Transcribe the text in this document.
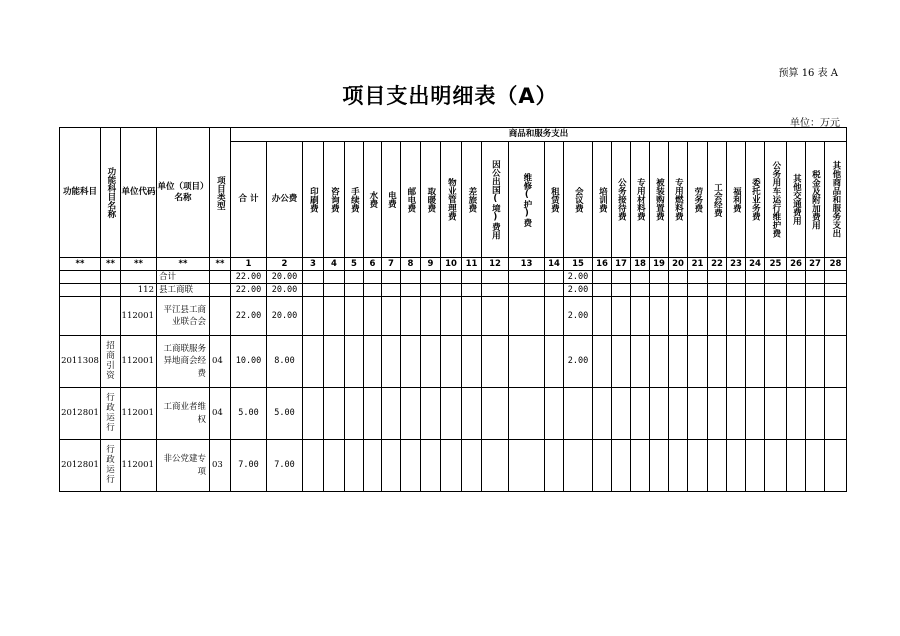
预算 16 表 A
项目支出明细表（A）
单位：万元
功能科目	功能科目名称	单位代码	单位（项目）名称	项目类型	商品和服务支出																											
					合 计	办公费	印刷费	咨询费	手续费	水费	电费	邮电费	取暖费	物业管理费	差旅费	因公出国(境)费用	维修(护)费	租赁费	会议费	培训费	公务接待费	专用材料费	被装购置费	专用燃料费	劳务费	工会经费	福利费	委托业务费	公务用车运行维护费	其他交通费用	税金及附加费用	其他商品和服务支出
**	**	**	**	**	1	2	3	4	5	6	7	8	9	10	11	12	13	14	15	16	17	18	19	20	21	22	23	24	25	26	27	28
			合计		22.00	20.00													2.00													
		112	县工商联		22.00	20.00													2.00													
		112001	平江县工商业联合会		22.00	20.00													2.00													
2011308	招商引资	112001	工商联服务异地商会经费	04	10.00	8.00													2.00													
2012801	行政运行	112001	工商业者维权	04	5.00	5.00																										
2012801	行政运行	112001	非公党建专项	03	7.00	7.00																										
